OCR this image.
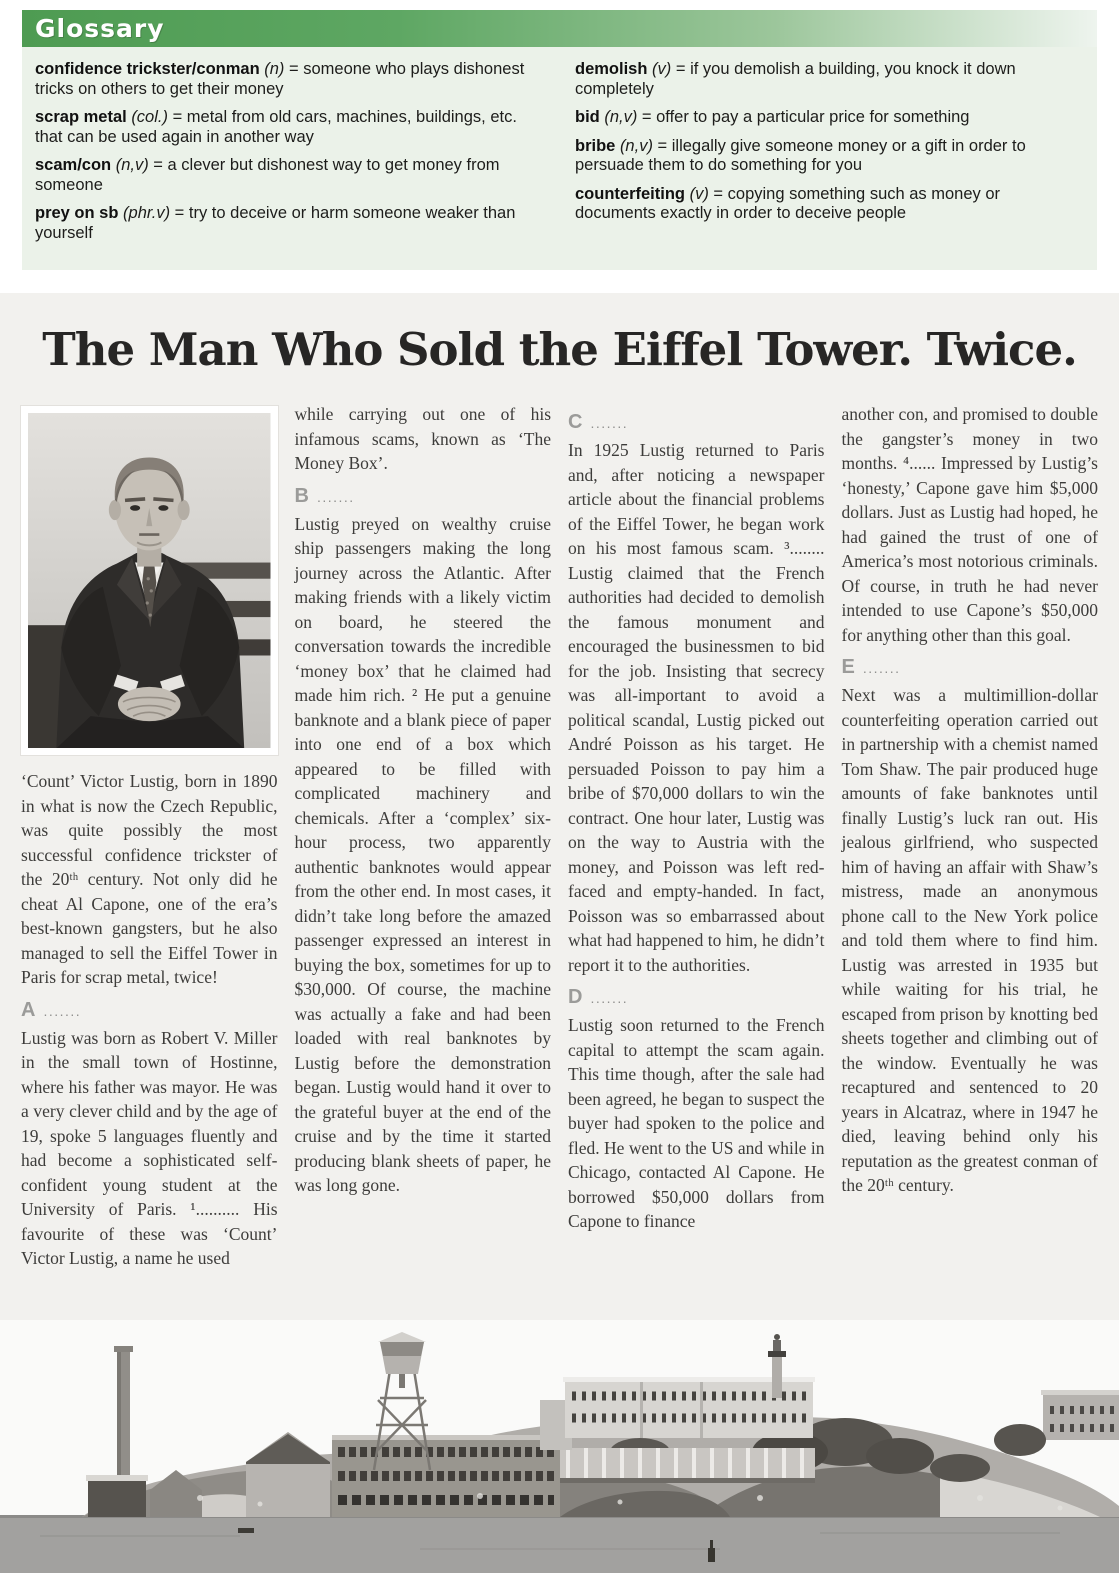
Glossary

confidence trickster/conman (n) = someone who plays dishonest tricks on others to get their money

scrap metal (col.) = metal from old cars, machines, buildings, etc. that can be used again in another way

scam/con (n,v) = a clever but dishonest way to get money from someone

prey on sb (phr.v) = try to deceive or harm someone weaker than yourself

demolish (v) = if you demolish a building, you knock it down completely

bid (n,v) = offer to pay a particular price for something

bribe (n,v) = illegally give someone money or a gift in order to persuade them to do something for you

counterfeiting (v) = copying something such as money or documents exactly in order to deceive people

The Man Who Sold the Eiffel Tower. Twice.

‘Count’ Victor Lustig, born in 1890 in what is now the Czech Republic, was quite possibly the most successful confidence trickster of the 20ᵗʰ century. Not only did he cheat Al Capone, one of the era’s best-known gangsters, but he also managed to sell the Eiffel Tower in Paris for scrap metal, twice!

A .......

Lustig was born as Robert V. Miller in the small town of Hostinne, where his father was mayor. He was a very clever child and by the age of 19, spoke 5 languages fluently and had become a sophisticated self-confident young student at the University of Paris. ¹.......... His favourite of these was ‘Count’ Victor Lustig, a name he used

while carrying out one of his infamous scams, known as ‘The Money Box’.

B .......

Lustig preyed on wealthy cruise ship passengers making the long journey across the Atlantic. After making friends with a likely victim on board, he steered the conversation towards the incredible ‘money box’ that he claimed had made him rich. ² He put a genuine banknote and a blank piece of paper into one end of a box which appeared to be filled with complicated machinery and chemicals. After a ‘complex’ six-hour process, two apparently authentic banknotes would appear from the other end. In most cases, it didn’t take long before the amazed passenger expressed an interest in buying the box, sometimes for up to $30,000. Of course, the machine was actually a fake and had been loaded with real banknotes by Lustig before the demonstration began. Lustig would hand it over to the grateful buyer at the end of the cruise and by the time it started producing blank sheets of paper, he was long gone.

C .......

In 1925 Lustig returned to Paris and, after noticing a newspaper article about the financial problems of the Eiffel Tower, he began work on his most famous scam. ³........ Lustig claimed that the French authorities had decided to demolish the famous monument and encouraged the businessmen to bid for the job. Insisting that secrecy was all-important to avoid a political scandal, Lustig picked out André Poisson as his target. He persuaded Poisson to pay him a bribe of $70,000 dollars to win the contract. One hour later, Lustig was on the way to Austria with the money, and Poisson was left red-faced and empty-handed. In fact, Poisson was so embarrassed about what had happened to him, he didn’t report it to the authorities.

D .......

Lustig soon returned to the French capital to attempt the scam again. This time though, after the sale had been agreed, he began to suspect the buyer had spoken to the police and fled. He went to the US and while in Chicago, contacted Al Capone. He borrowed $50,000 dollars from Capone to finance

another con, and promised to double the gangster’s money in two months. ⁴...... Impressed by Lustig’s ‘honesty,’ Capone gave him $5,000 dollars. Just as Lustig had hoped, he had gained the trust of one of America’s most notorious criminals. Of course, in truth he had never intended to use Capone’s $50,000 for anything other than this goal.

E .......

Next was a multimillion-dollar counterfeiting operation carried out in partnership with a chemist named Tom Shaw. The pair produced huge amounts of fake banknotes until finally Lustig’s luck ran out. His jealous girlfriend, who suspected him of having an affair with Shaw’s mistress, made an anonymous phone call to the New York police and told them where to find him. Lustig was arrested in 1935 but while waiting for his trial, he escaped from prison by knotting bed sheets together and climbing out of the window. Eventually he was recaptured and sentenced to 20 years in Alcatraz, where in 1947 he died, leaving behind only his reputation as the greatest conman of the 20ᵗʰ century.
